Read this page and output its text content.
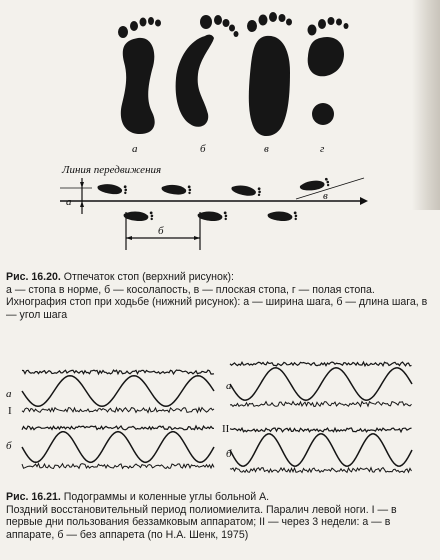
а	б	в	г
Линия передвижения
а
б
в
а
I
б
а
II
б
Рис. 16.20. Отпечаток стоп (верхний рисунок):
а — стопа в норме, б — косолапость, в — плоская стопа, г — полая стопа. Ихнография стоп при ходьбе (нижний рисунок): а — ширина шага, б — длина шага, в — угол шага
Рис. 16.21. Подограммы и коленные углы больной А.
Поздний восстановительный период полиомиелита. Паралич левой ноги. I — в первые дни пользования беззамковым аппаратом; II — через 3 недели: а — в аппарате, б — без аппарета (по Н.А. Шенк, 1975)
